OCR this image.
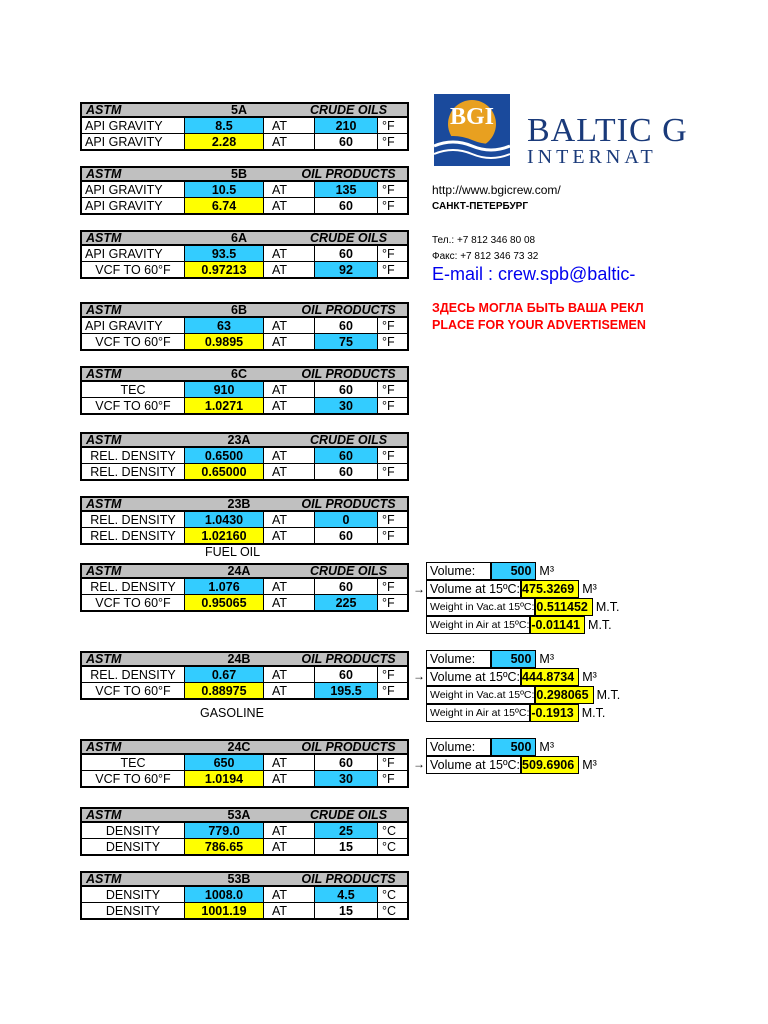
ASTM	5A	CRUDE OILS
API GRAVITY	8.5	AT	210	°F
API GRAVITY	2.28	AT	60	°F
ASTM	5B	OIL PRODUCTS
API GRAVITY	10.5	AT	135	°F
API GRAVITY	6.74	AT	60	°F
ASTM	6A	CRUDE OILS
API GRAVITY	93.5	AT	60	°F
VCF TO 60°F	0.97213	AT	92	°F
ASTM	6B	OIL PRODUCTS
API GRAVITY	63	AT	60	°F
VCF TO 60°F	0.9895	AT	75	°F
ASTM	6C	OIL PRODUCTS
TEC	910	AT	60	°F
VCF TO 60°F	1.0271	AT	30	°F
ASTM	23A	CRUDE OILS
REL. DENSITY	0.6500	AT	60	°F
REL. DENSITY	0.65000	AT	60	°F
ASTM	23B	OIL PRODUCTS
REL. DENSITY	1.0430	AT	0	°F
REL. DENSITY	1.02160	AT	60	°F
ASTM	24A	CRUDE OILS
REL. DENSITY	1.076	AT	60	°F
VCF TO 60°F	0.95065	AT	225	°F
ASTM	24B	OIL PRODUCTS
REL. DENSITY	0.67	AT	60	°F
VCF TO 60°F	0.88975	AT	195.5	°F
ASTM	24C	OIL PRODUCTS
TEC	650	AT	60	°F
VCF TO 60°F	1.0194	AT	30	°F
ASTM	53A	CRUDE OILS
DENSITY	779.0	AT	25	°C
DENSITY	786.65	AT	15	°C
ASTM	53B	OIL PRODUCTS
DENSITY	1008.0	AT	4.5	°C
DENSITY	1001.19	AT	15	°C
FUEL OIL
GASOLINE
Volume:	500 M³
Volume at 15ºC: 475.3269 M³
Weight in Vac.at 15ºC: 0.511452 M.T.
Weight in Air at 15ºC: -0.01141 M.T.
Volume:	500 M³
Volume at 15ºC: 444.8734 M³
Weight in Vac.at 15ºC: 0.298065 M.T.
Weight in Air at 15ºC: -0.1913 M.T.
Volume:	500 M³
Volume at 15ºC: 509.6906 M³
→
→
→
BGI BALTIC G
INTERNAT
http://www.bgicrew.com/
САНКТ-ПЕТЕРБУРГ
Тел.: +7 812 346 80 08
Факс: +7 812 346 73 32
E-mail : crew.spb@baltic-
ЗДЕСЬ МОГЛА БЫТЬ ВАША РЕКЛ
PLACE FOR YOUR ADVERTISEMEN
